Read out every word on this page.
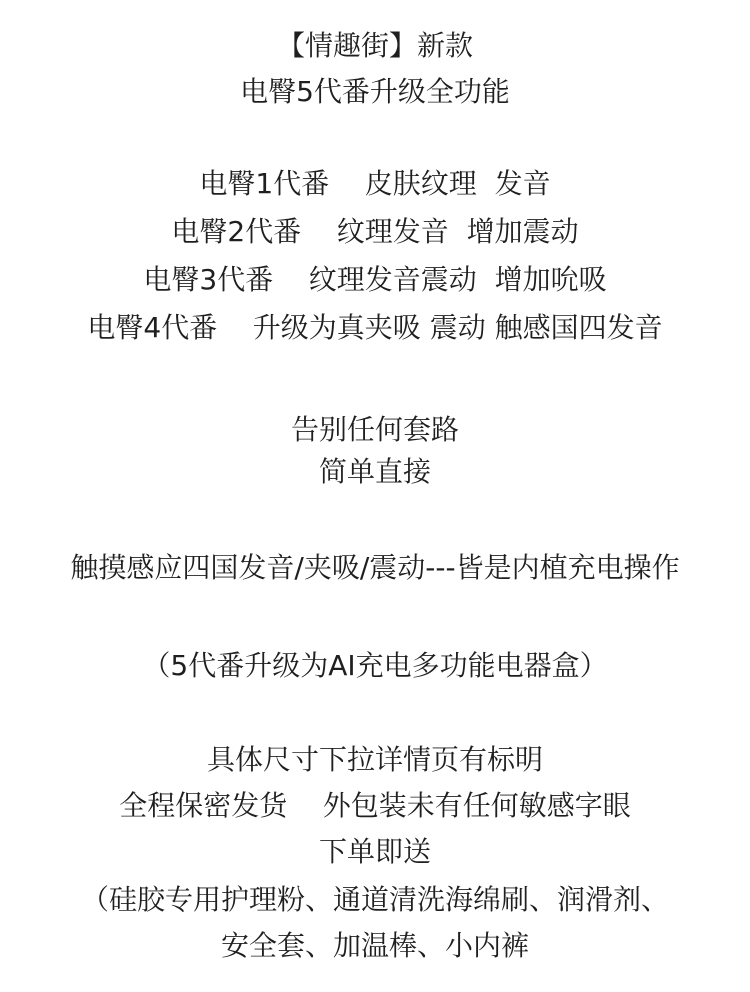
【情趣街】新款
电臀5代番升级全功能
电臀1代番    皮肤纹理  发音
电臀2代番    纹理发音  增加震动
电臀3代番    纹理发音震动  增加吮吸
电臀4代番    升级为真夹吸 震动 触感国四发音
告别任何套路
简单直接
触摸感应四国发音/夹吸/震动---皆是内植充电操作
（5代番升级为AI充电多功能电器盒）
具体尺寸下拉详情页有标明
全程保密发货    外包装未有任何敏感字眼
下单即送
（硅胶专用护理粉、通道清洗海绵刷、润滑剂、
安全套、加温棒、小内裤
